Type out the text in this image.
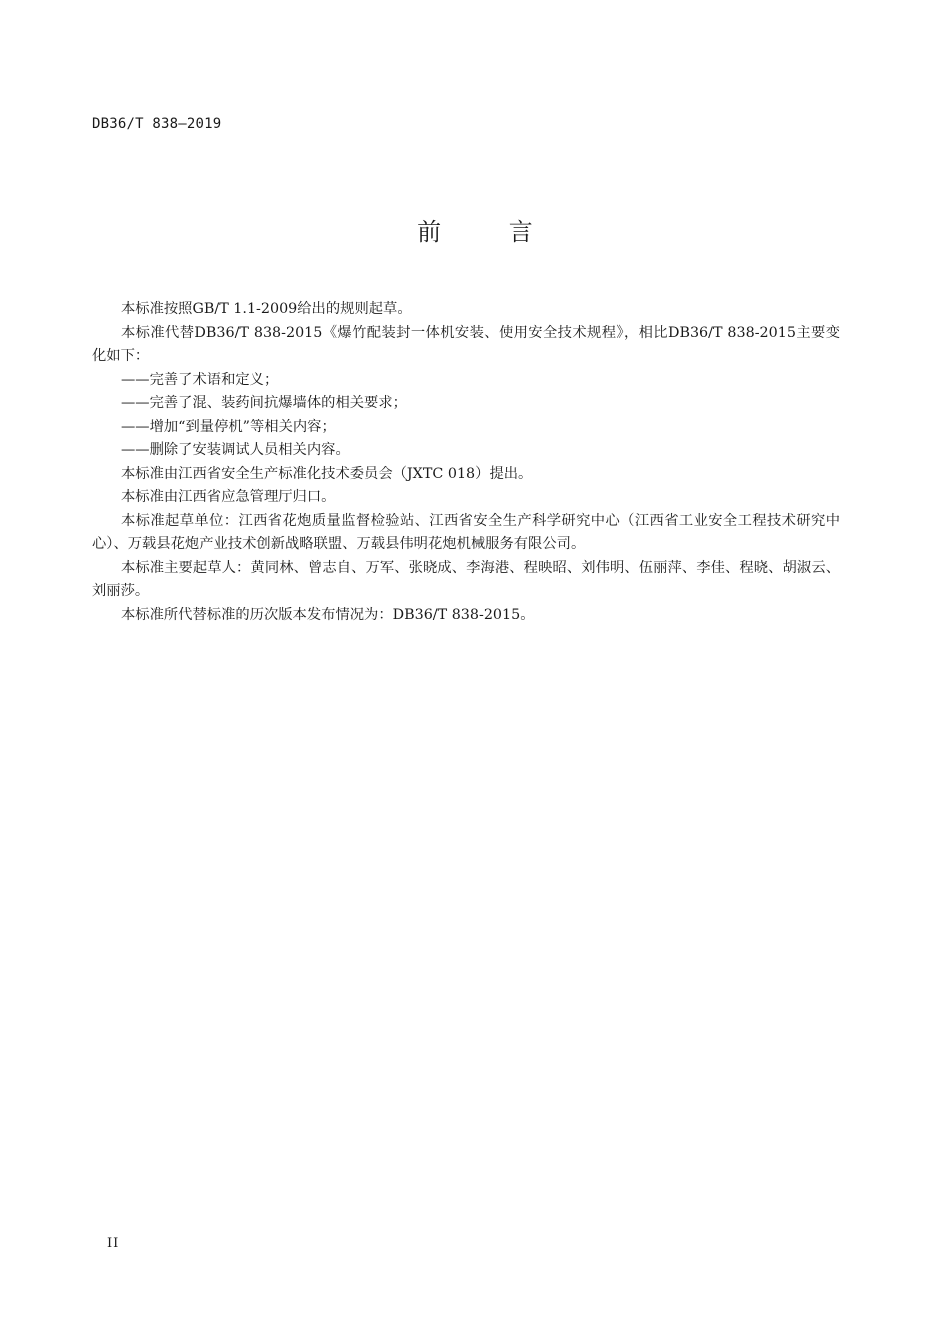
DB36/T 838—2019
前 言

本标准按照GB/T 1.1-2009给出的规则起草。

本标准代替DB36/T 838-2015《爆竹配装封一体机安装、使用安全技术规程》，相比DB36/T 838-2015主要变化如下：

——完善了术语和定义；

——完善了混、装药间抗爆墙体的相关要求；

——增加“到量停机”等相关内容；

——删除了安装调试人员相关内容。

本标准由江西省安全生产标准化技术委员会（JXTC 018）提出。

本标准由江西省应急管理厅归口。

本标准起草单位：江西省花炮质量监督检验站、江西省安全生产科学研究中心（江西省工业安全工程技术研究中心）、万载县花炮产业技术创新战略联盟、万载县伟明花炮机械服务有限公司。

本标准主要起草人：黄同林、曾志自、万军、张晓成、李海港、程映昭、刘伟明、伍丽萍、李佳、程晓、胡淑云、刘丽莎。

本标准所代替标准的历次版本发布情况为：DB36/T 838-2015。

II
